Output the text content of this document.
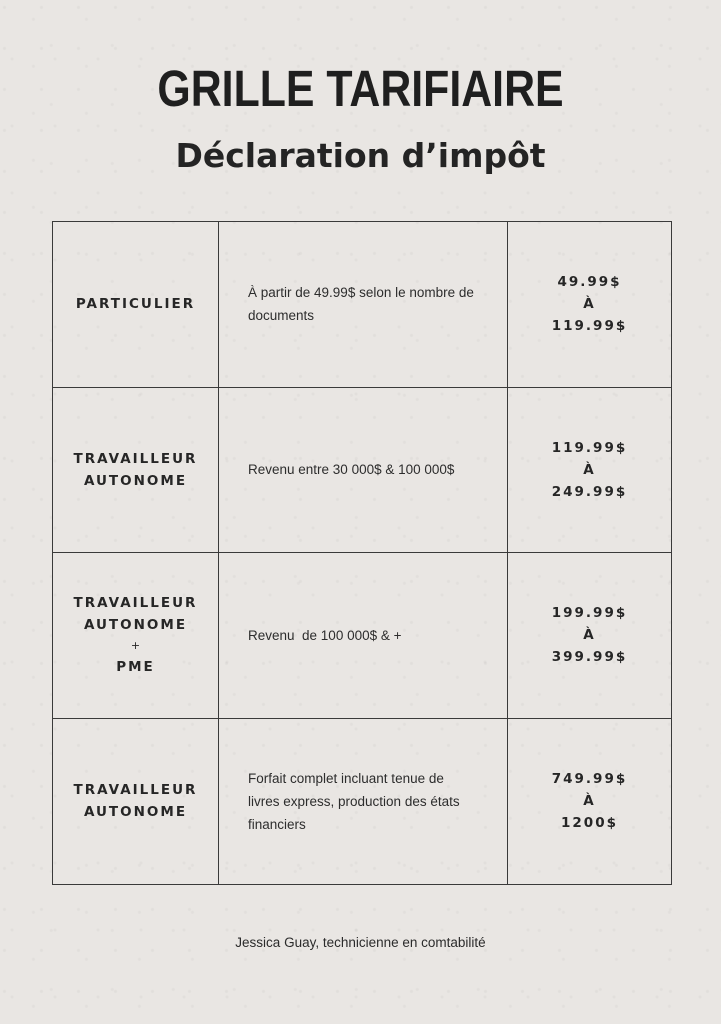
GRILLE TARIFIAIRE
Déclaration d’impôt
PARTICULIER
À partir de 49.99$ selon le nombre de documents
49.99$
À
119.99$
TRAVAILLEUR
AUTONOME
Revenu entre 30 000$ & 100 000$
119.99$
À
249.99$
TRAVAILLEUR
AUTONOME
+
PME
Revenu  de 100 000$ & +
199.99$
À
399.99$
TRAVAILLEUR
AUTONOME
Forfait complet incluant tenue de livres express, production des états financiers
749.99$
À
1200$
Jessica Guay, technicienne en comtabilité
